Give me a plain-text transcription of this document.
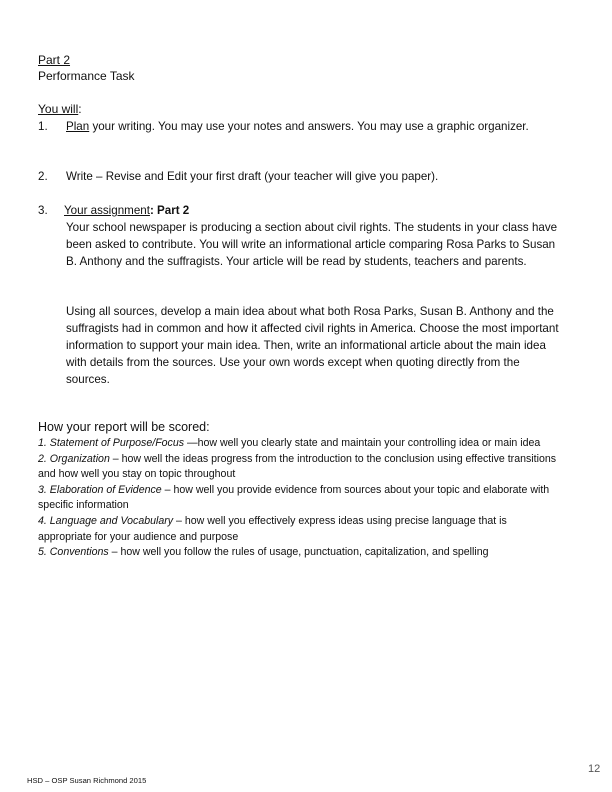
Part 2
Performance Task
You will:
1. Plan your writing. You may use your notes and answers. You may use a graphic organizer.
2. Write – Revise and Edit your first draft (your teacher will give you paper).
3. Your assignment: Part 2
Your school newspaper is producing a section about civil rights. The students in your class have been asked to contribute. You will write an informational article comparing Rosa Parks to Susan B. Anthony and the suffragists. Your article will be read by students, teachers and parents.
Using all sources, develop a main idea about what both Rosa Parks, Susan B. Anthony and the suffragists had in common and how it affected civil rights in America. Choose the most important information to support your main idea. Then, write an informational article about the main idea with details from the sources. Use your own words except when quoting directly from the sources.
How your report will be scored:
1. Statement of Purpose/Focus —how well you clearly state and maintain your controlling idea or main idea
2. Organization – how well the ideas progress from the introduction to the conclusion using effective transitions and how well you stay on topic throughout
3. Elaboration of Evidence – how well you provide evidence from sources about your topic and elaborate with specific information
4. Language and Vocabulary – how well you effectively express ideas using precise language that is appropriate for your audience and purpose
5. Conventions – how well you follow the rules of usage, punctuation, capitalization, and spelling
HSD – OSP Susan Richmond 2015
12
